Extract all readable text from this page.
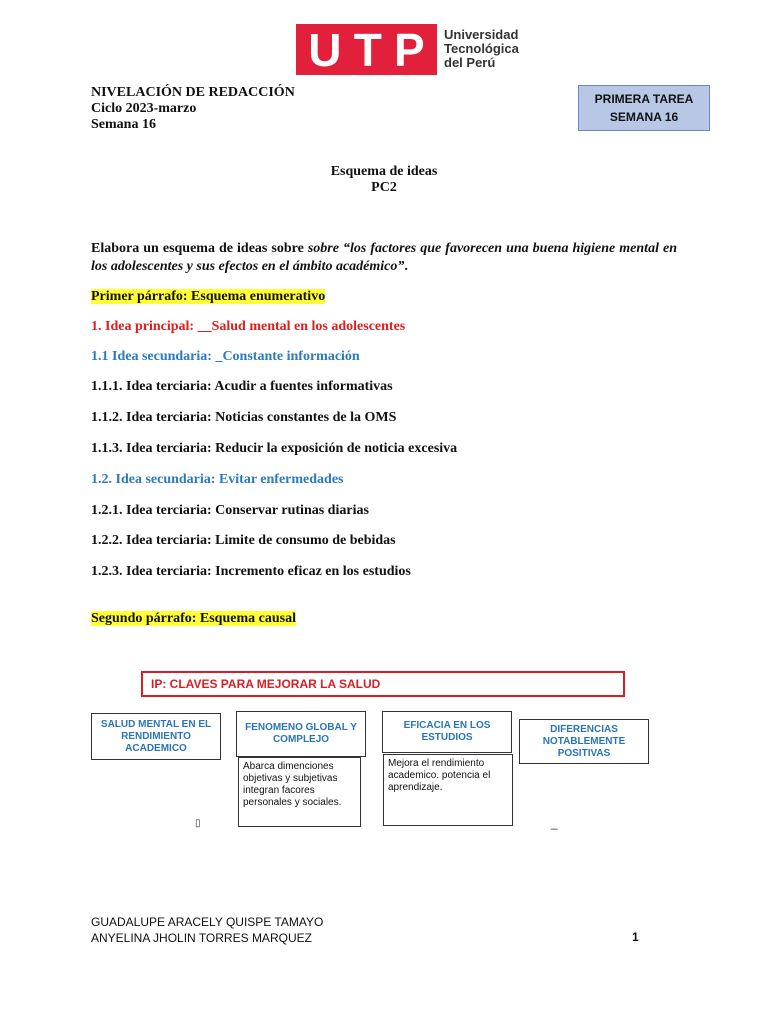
U T P Universidad
Tecnológica
del Perú
NIVELACIÓN DE REDACCIÓN
Ciclo 2023-marzo
Semana 16
PRIMERA TAREA
SEMANA 16
Esquema de ideas
PC2
Elabora un esquema de ideas sobre sobre “los factores que favorecen una buena higiene mental en los adolescentes y sus efectos en el ámbito académico”.
Primer párrafo: Esquema enumerativo
1. Idea principal: __Salud mental en los adolescentes
1.1 Idea secundaria: _Constante información
1.1.1. Idea terciaria: Acudir a fuentes informativas
1.1.2. Idea terciaria: Noticias constantes de la OMS
1.1.3. Idea terciaria: Reducir la exposición de noticia excesiva
1.2. Idea secundaria: Evitar enfermedades
1.2.1. Idea terciaria: Conservar rutinas diarias
1.2.2. Idea terciaria: Limite de consumo de bebidas
1.2.3. Idea terciaria: Incremento eficaz en los estudios
Segundo párrafo: Esquema causal
IP: CLAVES PARA MEJORAR LA SALUD
SALUD MENTAL EN EL RENDIMIENTO ACADEMICO
FENOMENO GLOBAL Y COMPLEJO
EFICACIA EN LOS ESTUDIOS
DIFERENCIAS NOTABLEMENTE POSITIVAS
Abarca dimenciones objetivas y subjetivas integran facores personales y sociales.
Mejora el rendimiento academico. potencia el aprendizaje.
▯	_
GUADALUPE ARACELY QUISPE TAMAYO
ANYELINA JHOLIN TORRES MARQUEZ	1
